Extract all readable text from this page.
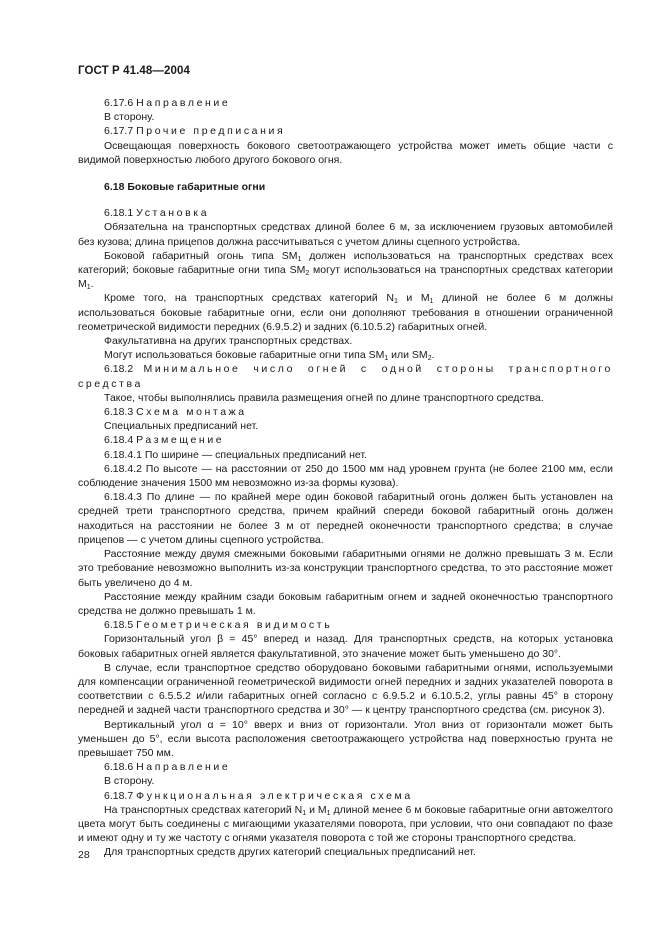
ГОСТ Р 41.48—2004

6.17.6 Направление

В сторону.

6.17.7 Прочие предписания

Освещающая поверхность бокового светоотражающего устройства может иметь общие части с видимой поверхностью любого другого бокового огня.

6.18 Боковые габаритные огни

6.18.1 Установка

Обязательна на транспортных средствах длиной более 6 м, за исключением грузовых автомобилей без кузова; длина прицепов должна рассчитываться с учетом длины сцепного устройства.

Боковой габаритный огонь типа $SM_1$ должен использоваться на транспортных средствах всех категорий; боковые габаритные огни типа $SM_2$ могут использоваться на транспортных средствах категории $M_1$.

Кроме того, на транспортных средствах категорий $N_1$ и $M_1$ длиной не более 6 м должны использоваться боковые габаритные огни, если они дополняют требования в отношении ограниченной геометрической видимости передних (6.9.5.2) и задних (6.10.5.2) габаритных огней.

Факультативна на других транспортных средствах.

Могут использоваться боковые габаритные огни типа $SM_1$ или $SM_2$.

6.18.2 Минимальное число огней с одной стороны транспортного средства

Такое, чтобы выполнялись правила размещения огней по длине транспортного средства.

6.18.3 Схема монтажа

Специальных предписаний нет.

6.18.4 Размещение

6.18.4.1 По ширине — специальных предписаний нет.

6.18.4.2 По высоте — на расстоянии от 250 до 1500 мм над уровнем грунта (не более 2100 мм, если соблюдение значения 1500 мм невозможно из-за формы кузова).

6.18.4.3 По длине — по крайней мере один боковой габаритный огонь должен быть установлен на средней трети транспортного средства, причем крайний спереди боковой габаритный огонь должен находиться на расстоянии не более 3 м от передней оконечности транспортного средства; в случае прицепов — с учетом длины сцепного устройства.

Расстояние между двумя смежными боковыми габаритными огнями не должно превышать 3 м. Если это требование невозможно выполнить из-за конструкции транспортного средства, то это расстояние может быть увеличено до 4 м.

Расстояние между крайним сзади боковым габаритным огнем и задней оконечностью транспортного средства не должно превышать 1 м.

6.18.5 Геометрическая видимость

Горизонтальный угол β = 45° вперед и назад. Для транспортных средств, на которых установка боковых габаритных огней является факультативной, это значение может быть уменьшено до 30°.

В случае, если транспортное средство оборудовано боковыми габаритными огнями, используемыми для компенсации ограниченной геометрической видимости огней передних и задних указателей поворота в соответствии с 6.5.5.2 и/или габаритных огней согласно с 6.9.5.2 и 6.10.5.2, углы равны 45° в сторону передней и задней части транспортного средства и 30° — к центру транспортного средства (см. рисунок 3).

Вертикальный угол α = 10° вверх и вниз от горизонтали. Угол вниз от горизонтали может быть уменьшен до 5°, если высота расположения светоотражающего устройства над поверхностью грунта не превышает 750 мм.

6.18.6 Направление

В сторону.

6.18.7 Функциональная электрическая схема

На транспортных средствах категорий $N_1$ и $M_1$ длиной менее 6 м боковые габаритные огни автожелтого цвета могут быть соединены с мигающими указателями поворота, при условии, что они совпадают по фазе и имеют одну и ту же частоту с огнями указателя поворота с той же стороны транспортного средства.

Для транспортных средств других категорий специальных предписаний нет.

28
